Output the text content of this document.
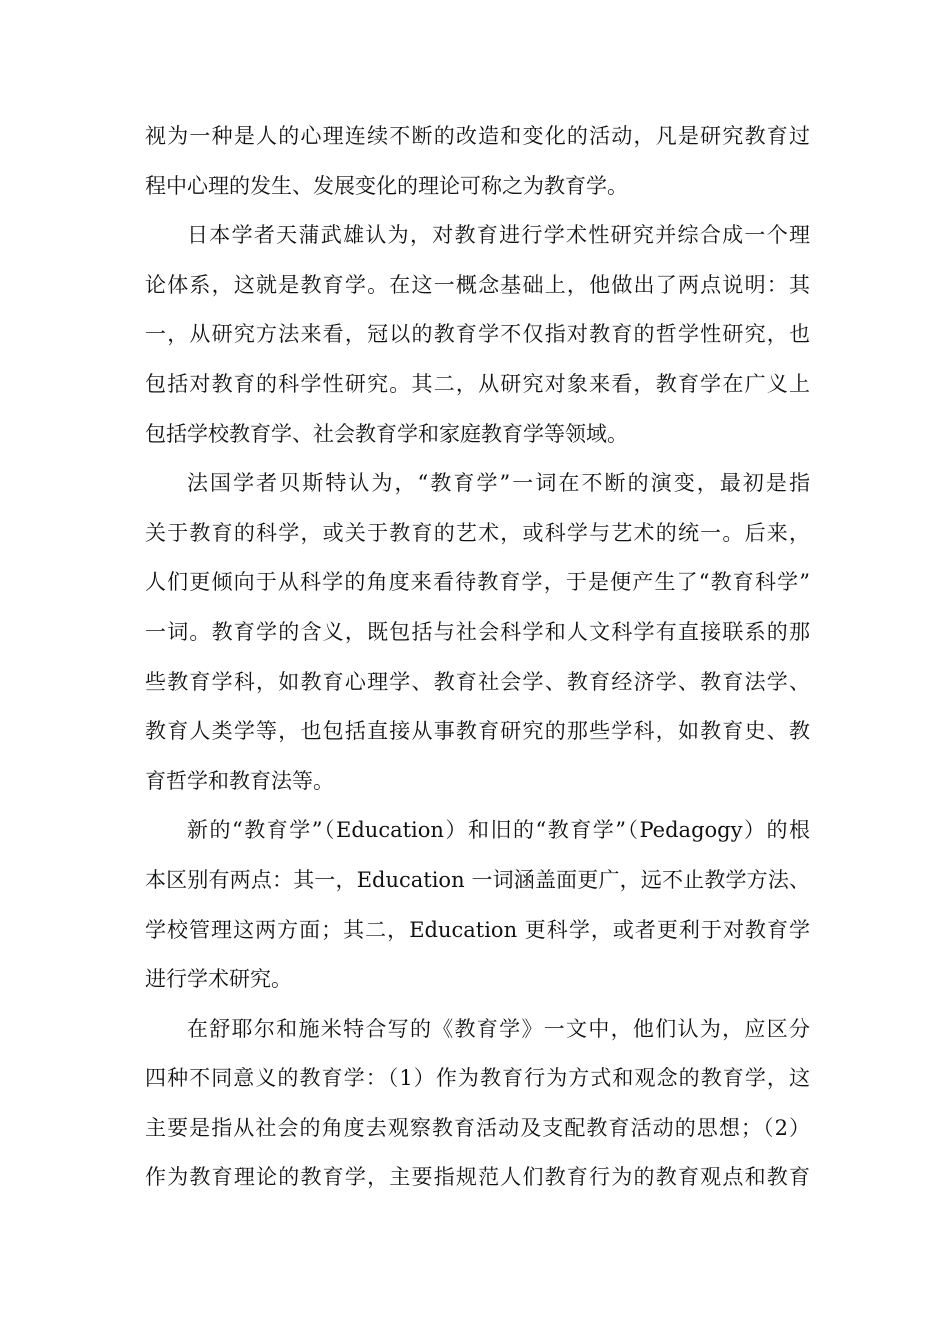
视为一种是人的心理连续不断的改造和变化的活动，凡是研究教育过
程中心理的发生、发展变化的理论可称之为教育学。
日本学者天蒲武雄认为，对教育进行学术性研究并综合成一个理
论体系，这就是教育学。在这一概念基础上，他做出了两点说明：其
一，从研究方法来看，冠以的教育学不仅指对教育的哲学性研究，也
包括对教育的科学性研究。其二，从研究对象来看，教育学在广义上
包括学校教育学、社会教育学和家庭教育学等领域。
法国学者贝斯特认为，“教育学”一词在不断的演变，最初是指
关于教育的科学，或关于教育的艺术，或科学与艺术的统一。后来，
人们更倾向于从科学的角度来看待教育学，于是便产生了“教育科学”
一词。教育学的含义，既包括与社会科学和人文科学有直接联系的那
些教育学科，如教育心理学、教育社会学、教育经济学、教育法学、
教育人类学等，也包括直接从事教育研究的那些学科，如教育史、教
育哲学和教育法等。
新的“教育学”（Education）和旧的“教育学”（Pedagogy）的根
本区别有两点：其一，Education 一词涵盖面更广，远不止教学方法、
学校管理这两方面；其二，Education 更科学，或者更利于对教育学
进行学术研究。
在舒耶尔和施米特合写的《教育学》一文中，他们认为，应区分
四种不同意义的教育学：（1）作为教育行为方式和观念的教育学，这
主要是指从社会的角度去观察教育活动及支配教育活动的思想；（2）
作为教育理论的教育学，主要指规范人们教育行为的教育观点和教育
